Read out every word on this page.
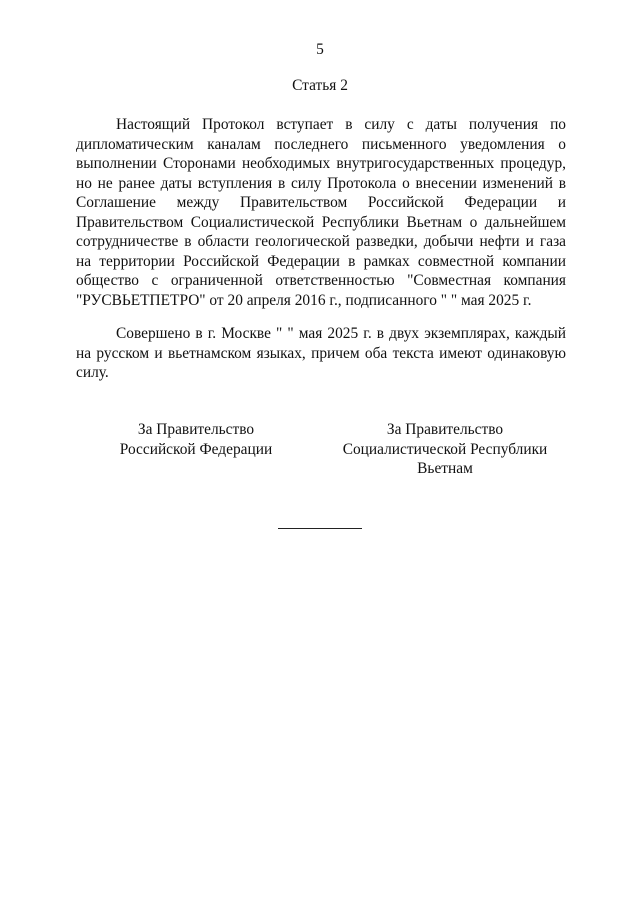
5
Статья 2

Настоящий Протокол вступает в силу с даты получения по дипломатическим каналам последнего письменного уведомления о выполнении Сторонами необходимых внутригосударственных процедур, но не ранее даты вступления в силу Протокола о внесении изменений в Соглашение между Правительством Российской Федерации и Правительством Социалистической Республики Вьетнам о дальнейшем сотрудничестве в области геологической разведки, добычи нефти и газа на территории Российской Федерации в рамках совместной компании общество с ограниченной ответственностью "Совместная компания "РУСВЬЕТПЕТРО" от 20 апреля 2016 г., подписанного " " мая 2025 г.

Совершено в г. Москве " " мая 2025 г. в двух экземплярах, каждый на русском и вьетнамском языках, причем оба текста имеют одинаковую силу.

За Правительство
Российской Федерации
За Правительство
Социалистической Республики
Вьетнам
